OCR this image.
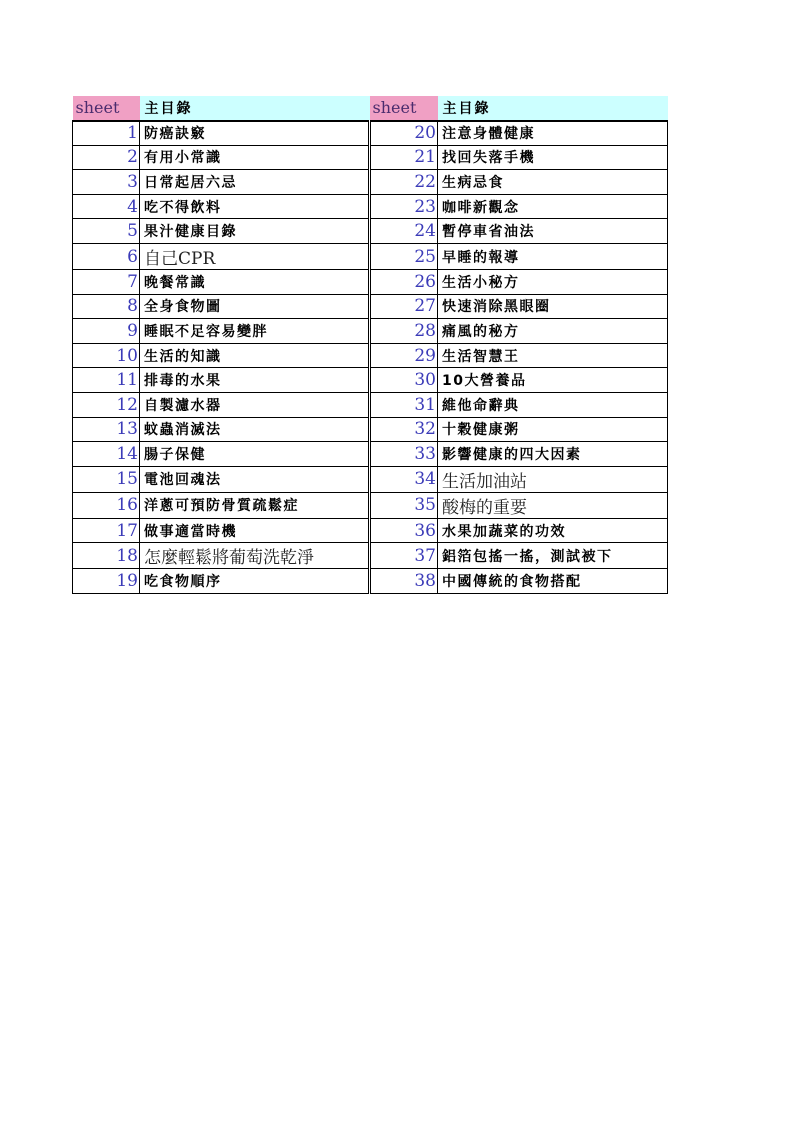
sheet	主目錄	sheet	主目錄
1	防癌訣竅	20	注意身體健康
2	有用小常識	21	找回失落手機
3	日常起居六忌	22	生病忌食
4	吃不得飲料	23	咖啡新觀念
5	果汁健康目錄	24	暫停車省油法
6	自己CPR	25	早睡的報導
7	晚餐常識	26	生活小秘方
8	全身食物圖	27	快速消除黑眼圈
9	睡眠不足容易變胖	28	痛風的秘方
10	生活的知識	29	生活智慧王
11	排毒的水果	30	10大營養品
12	自製濾水器	31	維他命辭典
13	蚊蟲消滅法	32	十穀健康粥
14	腸子保健	33	影響健康的四大因素
15	電池回魂法	34	生活加油站
16	洋蔥可預防骨質疏鬆症	35	酸梅的重要
17	做事適當時機	36	水果加蔬菜的功效
18	怎麼輕鬆將葡萄洗乾淨	37	鋁箔包搖一搖，測試被下
19	吃食物順序	38	中國傳統的食物搭配
